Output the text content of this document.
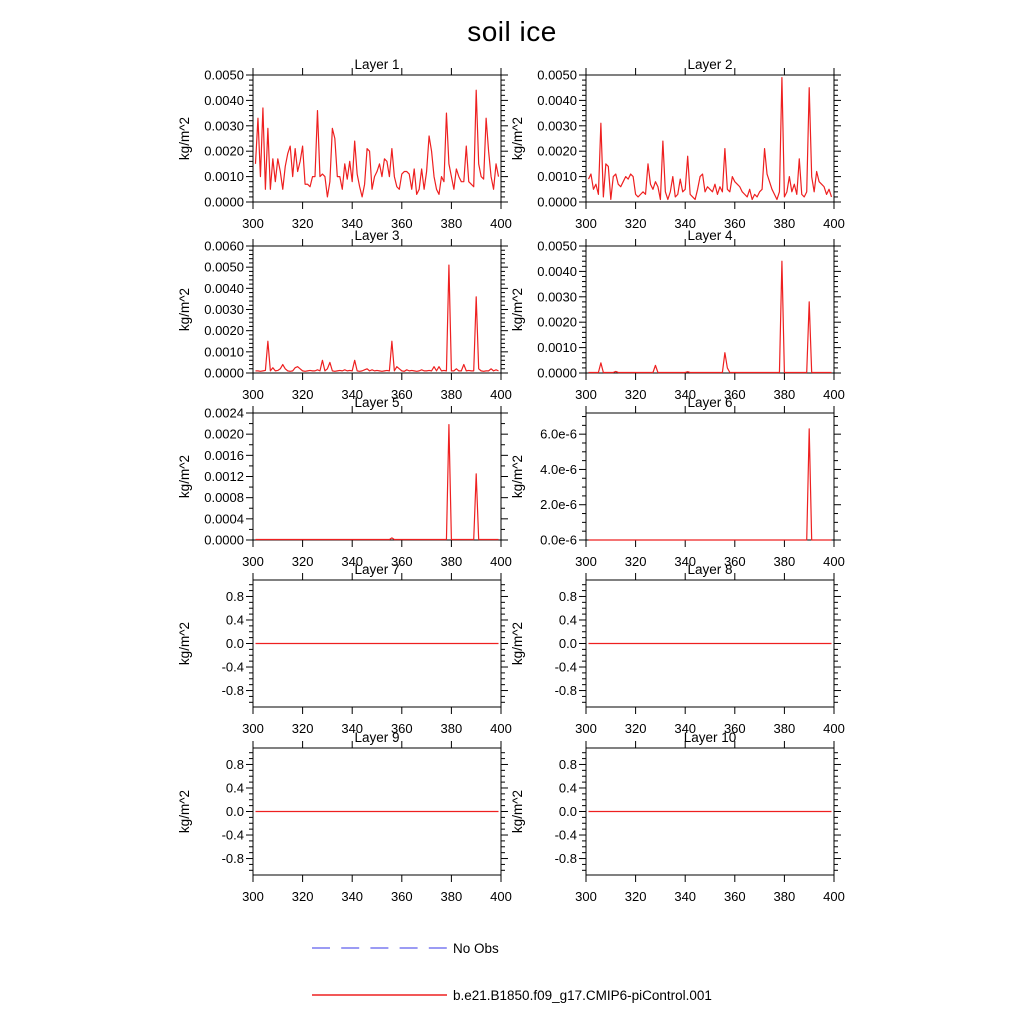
soil ice
300 320 340 360 380 400
0.0000
0.0010
0.0020
0.0030
0.0040
0.0050
Layer 1
kg/m^2
300 320 340 360 380 400
0.0000
0.0010
0.0020
0.0030
0.0040
0.0050
Layer 2
kg/m^2
300 320 340 360 380 400
0.0000
0.0010
0.0020
0.0030
0.0040
0.0050
0.0060
Layer 3
kg/m^2
300 320 340 360 380 400
0.0000
0.0010
0.0020
0.0030
0.0040
0.0050
Layer 4
kg/m^2
300 320 340 360 380 400
0.0000
0.0004
0.0008
0.0012
0.0016
0.0020
0.0024
Layer 5
kg/m^2
300 320 340 360 380 400
0.0e-6
2.0e-6
4.0e-6
6.0e-6
Layer 6
kg/m^2
300 320 340 360 380 400
-0.8
-0.4
0.0
0.4
0.8
Layer 7
kg/m^2
300 320 340 360 380 400
-0.8
-0.4
0.0
0.4
0.8
Layer 8
kg/m^2
300 320 340 360 380 400
-0.8
-0.4
0.0
0.4
0.8
Layer 9
kg/m^2
300 320 340 360 380 400
-0.8
-0.4
0.0
0.4
0.8
Layer 10
kg/m^2
No Obs
b.e21.B1850.f09_g17.CMIP6-piControl.001
